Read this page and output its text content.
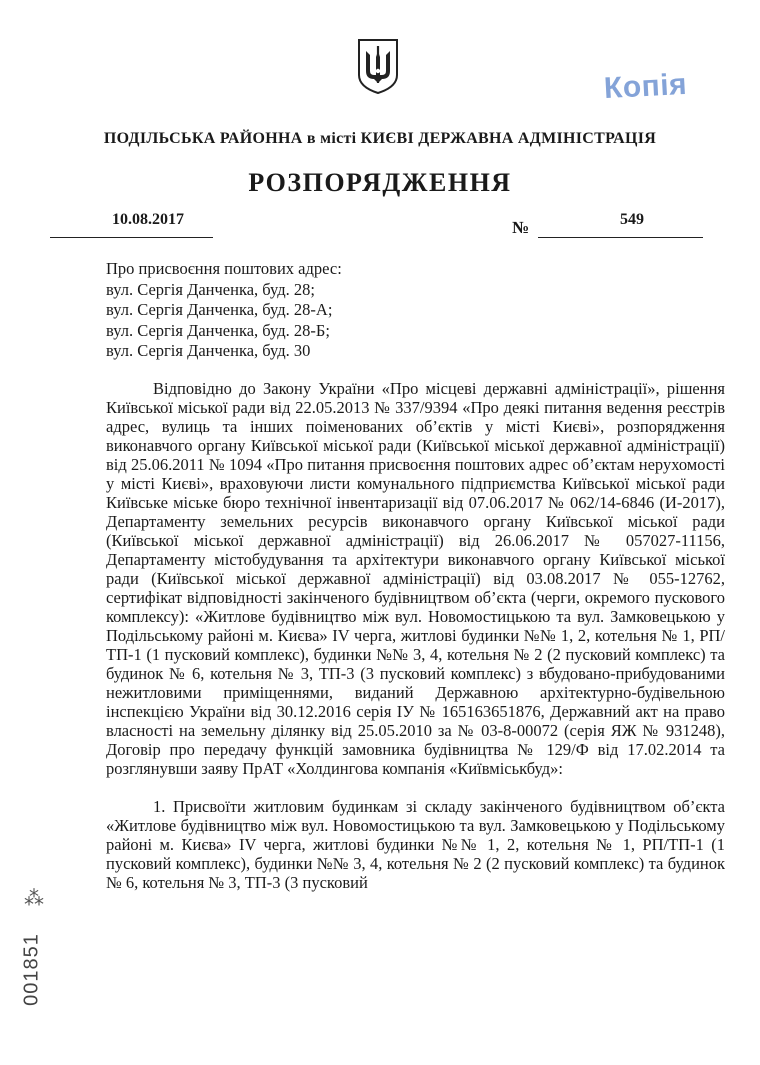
Копія
ПОДІЛЬСЬКА РАЙОННА в місті КИЄВІ ДЕРЖАВНА АДМІНІСТРАЦІЯ
РОЗПОРЯДЖЕННЯ
10.08.2017	№	549
Про присвоєння поштових адрес:
вул. Сергія Данченка, буд. 28;
вул. Сергія Данченка, буд. 28-А;
вул. Сергія Данченка, буд. 28-Б;
вул. Сергія Данченка, буд. 30

Відповідно до Закону України «Про місцеві державні адміністрації», рішення Київської міської ради від 22.05.2013 № 337/9394 «Про деякі питання ведення реєстрів адрес, вулиць та інших поіменованих об’єктів у місті Києві», розпорядження виконавчого органу Київської міської ради (Київської міської державної адміністрації) від 25.06.2011 № 1094 «Про питання присвоєння поштових адрес об’єктам нерухомості у місті Києві», враховуючи листи комунального підприємства Київської міської ради Київське міське бюро технічної інвентаризації від 07.06.2017 № 062/14-6846 (И-2017), Департаменту земельних ресурсів виконавчого органу Київської міської ради (Київської міської державної адміністрації) від 26.06.2017 № 057027-11156, Департаменту містобудування та архітектури виконавчого органу Київської міської ради (Київської міської державної адміністрації) від 03.08.2017 № 055-12762, сертифікат відповідності закінченого будівництвом об’єкта (черги, окремого пускового комплексу): «Житлове будівництво між вул. Новомостицькою та вул. Замковецькою у Подільському районі м. Києва» IV черга, житлові будинки №№ 1, 2, котельня № 1, РП/ТП-1 (1 пусковий комплекс), будинки №№ 3, 4, котельня № 2 (2 пусковий комплекс) та будинок № 6, котельня № 3, ТП-3 (3 пусковий комплекс) з вбудовано-прибудованими нежитловими приміщеннями, виданий Державною архітектурно-будівельною інспекцією України від 30.12.2016 серія ІУ № 165163651876, Державний акт на право власності на земельну ділянку від 25.05.2010 за № 03-8-00072 (серія ЯЖ № 931248), Договір про передачу функцій замовника будівництва № 129/Ф від 17.02.2014 та розглянувши заяву ПрАТ «Холдингова компанія «Київміськбуд»:

1. Присвоїти житловим будинкам зі складу закінченого будівництвом об’єкта «Житлове будівництво між вул. Новомостицькою та вул. Замковецькою у Подільському районі м. Києва» IV черга, житлові будинки №№ 1, 2, котельня № 1, РП/ТП-1 (1 пусковий комплекс), будинки №№ 3, 4, котельня № 2 (2 пусковий комплекс) та будинок № 6, котельня № 3, ТП-3 (3 пусковий

⁂
001851
